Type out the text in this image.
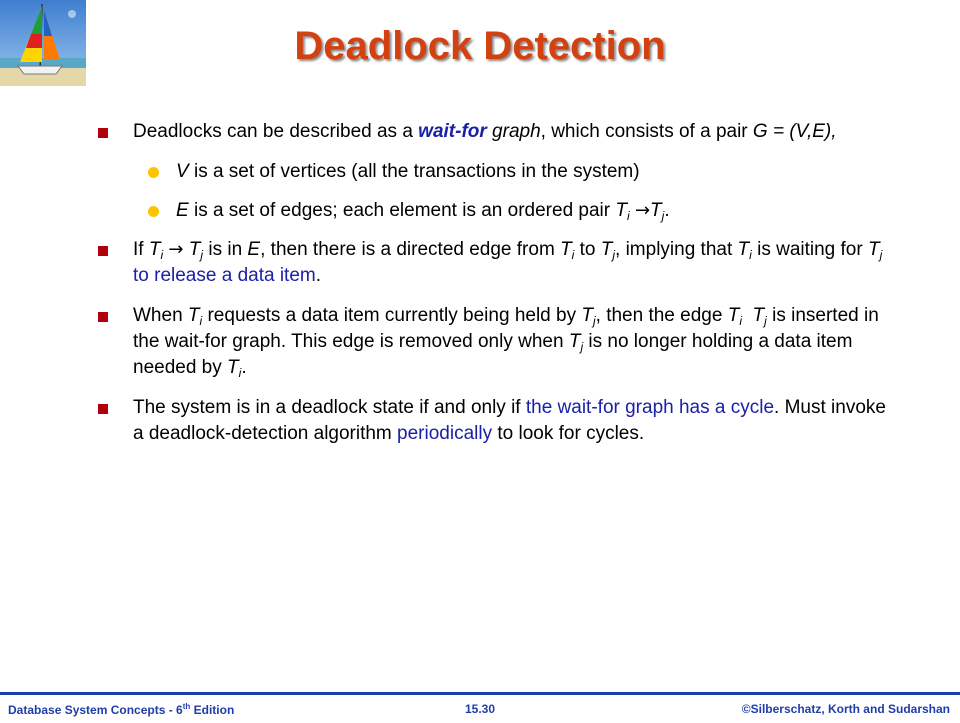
Deadlock Detection
Deadlocks can be described as a wait-for graph, which consists of a pair G = (V,E),
V is a set of vertices (all the transactions in the system)
E is a set of edges; each element is an ordered pair $T_i \to T_j$.
If $T_i \to T_j$ is in E, then there is a directed edge from $T_i$ to $T_j$, implying that $T_i$ is waiting for $T_j$ to release a data item.
When $T_i$ requests a data item currently being held by $T_j$, then the edge $T_i$ $T_j$ is inserted in the wait-for graph. This edge is removed only when $T_j$ is no longer holding a data item needed by $T_i$.
The system is in a deadlock state if and only if the wait-for graph has a cycle. Must invoke a deadlock-detection algorithm periodically to look for cycles.
Database System Concepts - 6th Edition	15.30	©Silberschatz, Korth and Sudarshan
